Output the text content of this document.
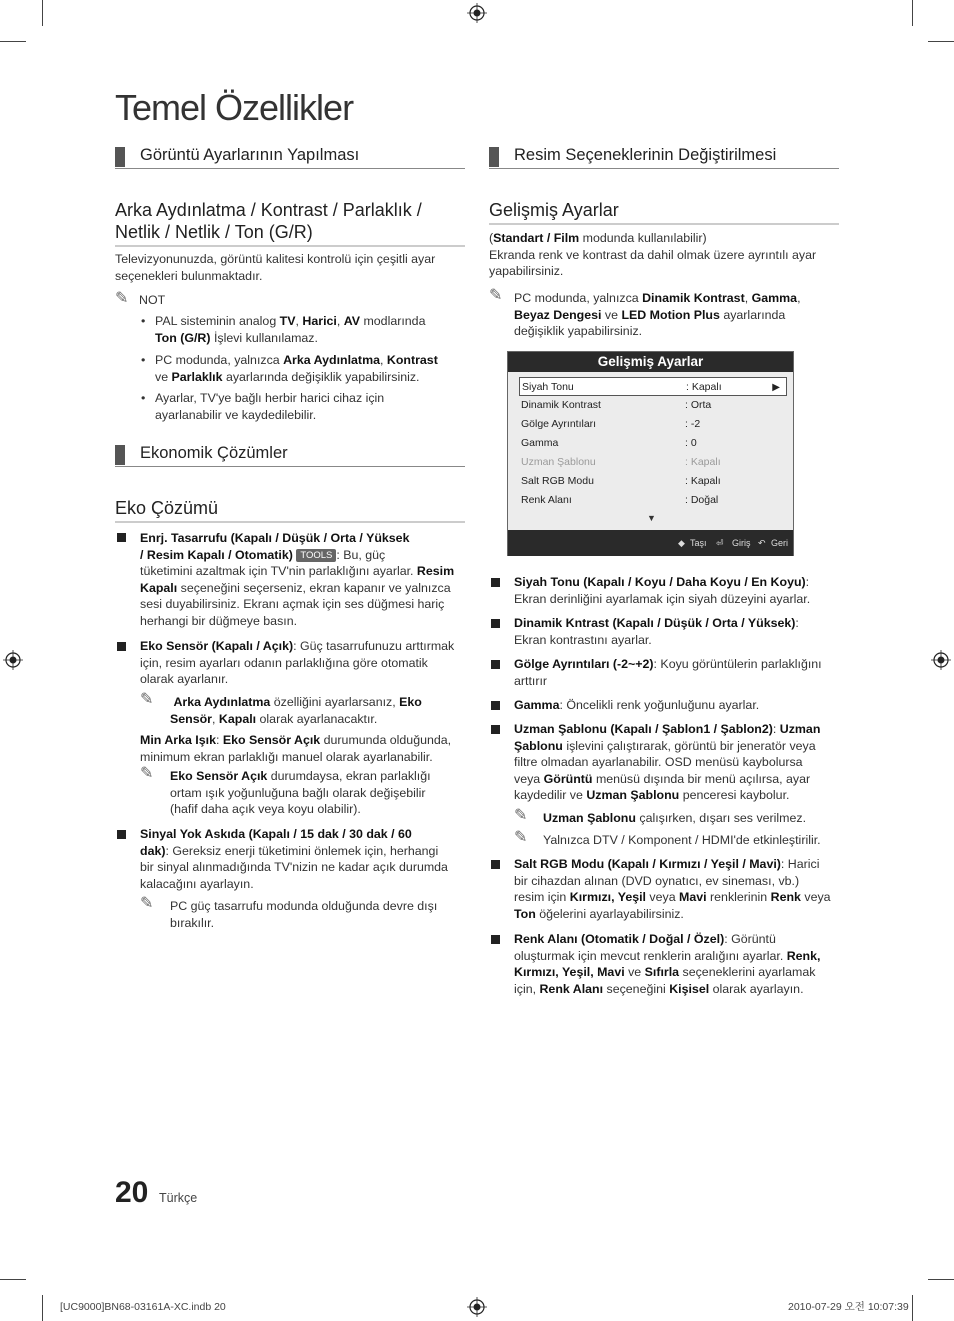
Temel Özellikler
Görüntü Ayarlarının Yapılması
Arka Aydınlatma / Kontrast / Parlaklık /
Netlik / Netlik / Ton (G/R)
Televizyonunuzda, görüntü kalitesi kontrolü için çeşitli ayar
seçenekleri bulunmaktadır.
✎ NOT
• PAL sisteminin analog TV, Harici, AV modlarında
Ton (G/R) İşlevi kullanılamaz.
• PC modunda, yalnızca Arka Aydınlatma, Kontrast
ve Parlaklık ayarlarında değişiklik yapabilirsiniz.
• Ayarlar, TV'ye bağlı herbir harici cihaz için
ayarlanabilir ve kaydedilebilir.
Ekonomik Çözümler
Eko Çözümü
Enrj. Tasarrufu (Kapalı / Düşük / Orta / Yüksek
/ Resim Kapalı / Otomatik) TOOLS : Bu, güç
tüketimini azaltmak için TV'nin parlaklığını ayarlar. Resim
Kapalı seçeneğini seçerseniz, ekran kapanır ve yalnızca
sesi duyabilirsiniz. Ekranı açmak için ses düğmesi hariç
herhangi bir düğmeye basın.
Eko Sensör (Kapalı / Açık): Güç tasarrufunuzu arttırmak
için, resim ayarları odanın parlaklığına göre otomatik
olarak ayarlanır.
✎ Arka Aydınlatma özelliğini ayarlarsanız, Eko
Sensör, Kapalı olarak ayarlanacaktır.
Min Arka Işık: Eko Sensör Açık durumunda olduğunda,
minimum ekran parlaklığı manuel olarak ayarlanabilir.
✎ Eko Sensör Açık durumdaysa, ekran parlaklığı
ortam ışık yoğunluğuna bağlı olarak değişebilir
(hafif daha açık veya koyu olabilir).
Sinyal Yok Askıda (Kapalı / 15 dak / 30 dak / 60
dak): Gereksiz enerji tüketimini önlemek için, herhangi
bir sinyal alınmadığında TV'nizin ne kadar açık durumda
kalacağını ayarlayın.
✎ PC güç tasarrufu modunda olduğunda devre dışı
bırakılır.
Resim Seçeneklerinin Değiştirilmesi
Gelişmiş Ayarlar
(Standart / Film modunda kullanılabilir)
Ekranda renk ve kontrast da dahil olmak üzere ayrıntılı ayar
yapabilirsiniz.
✎ PC modunda, yalnızca Dinamik Kontrast, Gamma,
Beyaz Dengesi ve LED Motion Plus ayarlarında
değişiklik yapabilirsiniz.
Gelişmiş Ayarlar
Siyah Tonu	: Kapalı	▶
Dinamik Kontrast	: Orta
Gölge Ayrıntıları	: -2
Gamma	: 0
Uzman Şablonu	: Kapalı
Salt RGB Modu	: Kapalı
Renk Alanı	: Doğal
▼
◆ Taşı ⏎ Giriş ↶ Geri
Siyah Tonu (Kapalı / Koyu / Daha Koyu / En Koyu):
Ekran derinliğini ayarlamak için siyah düzeyini ayarlar.
Dinamik Kntrast (Kapalı / Düşük / Orta / Yüksek):
Ekran kontrastını ayarlar.
Gölge Ayrıntıları (-2~+2): Koyu görüntülerin parlaklığını
arttırır
Gamma: Öncelikli renk yoğunluğunu ayarlar.
Uzman Şablonu (Kapalı / Şablon1 / Şablon2): Uzman
Şablonu işlevini çalıştırarak, görüntü bir jeneratör veya
filtre olmadan ayarlanabilir. OSD menüsü kaybolursa
veya Görüntü menüsü dışında bir menü açılırsa, ayar
kaydedilir ve Uzman Şablonu penceresi kaybolur.
✎ Uzman Şablonu çalışırken, dışarı ses verilmez.
✎ Yalnızca DTV / Komponent / HDMI'de etkinleştirilir.
Salt RGB Modu (Kapalı / Kırmızı / Yeşil / Mavi): Harici
bir cihazdan alınan (DVD oynatıcı, ev sineması, vb.)
resim için Kırmızı, Yeşil veya Mavi renklerinin Renk veya
Ton öğelerini ayarlayabilirsiniz.
Renk Alanı (Otomatik / Doğal / Özel): Görüntü
oluşturmak için mevcut renklerin aralığını ayarlar. Renk,
Kırmızı, Yeşil, Mavi ve Sıfırla seçeneklerini ayarlamak
için, Renk Alanı seçeneğini Kişisel olarak ayarlayın.
20 Türkçe
[UC9000]BN68-03161A-XC.indb 20	2010-07-29 오전 10:07:39
